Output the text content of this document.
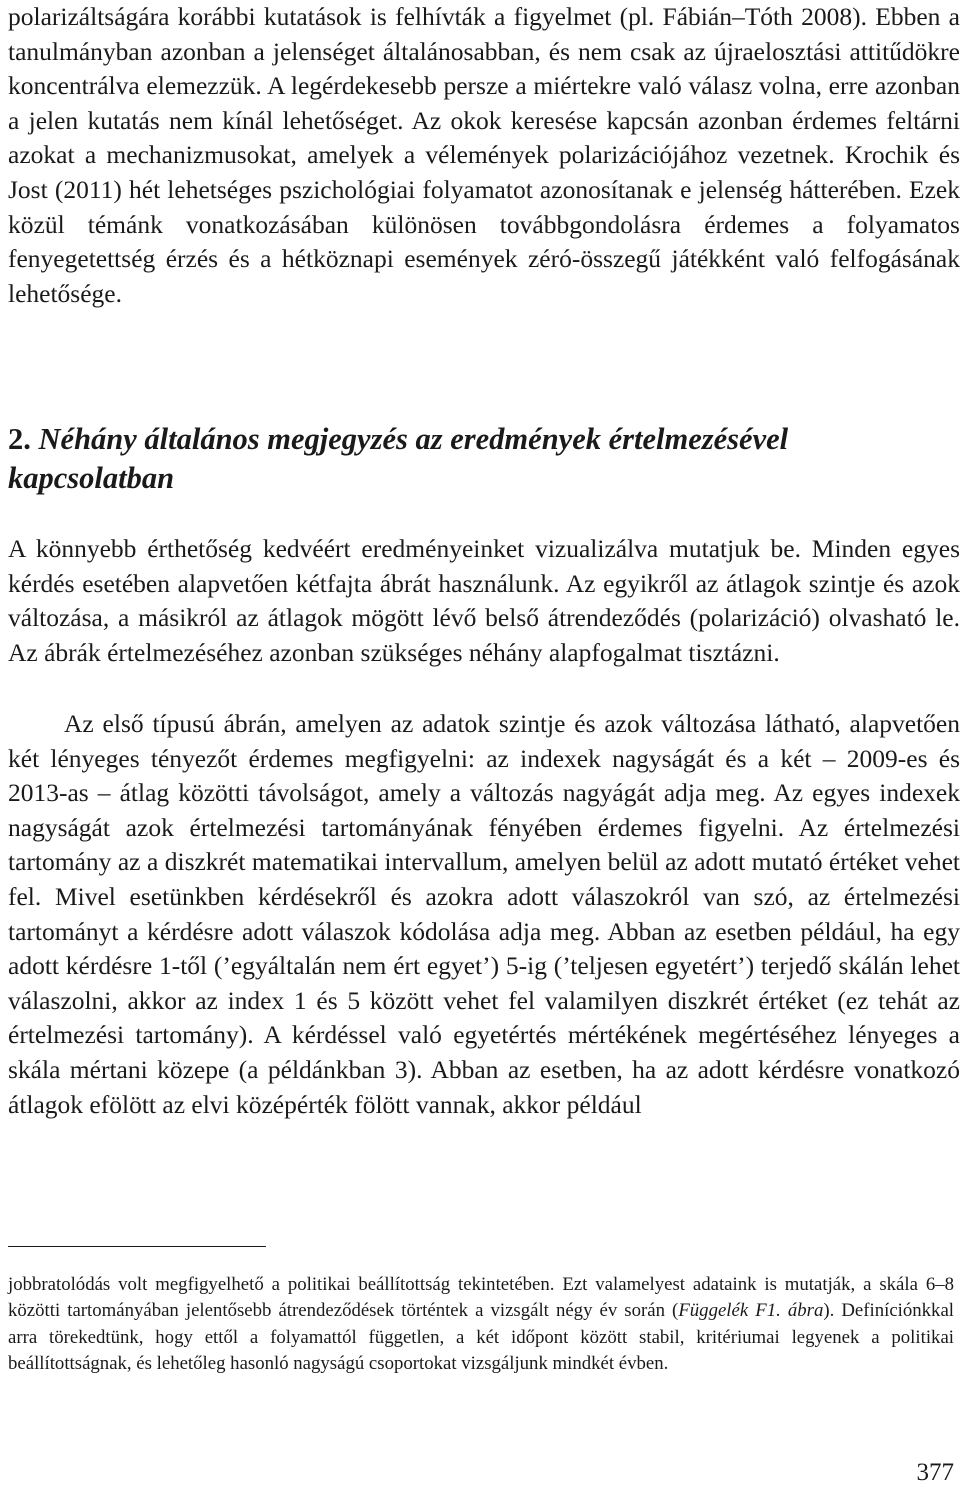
polarizáltságára korábbi kutatások is felhívták a figyelmet (pl. Fábián–Tóth 2008). Ebben a tanulmányban azonban a jelenséget általánosabban, és nem csak az újraelosztási attitűdökre koncentrálva elemezzük. A legérdekesebb persze a miértekre való válasz volna, erre azonban a jelen kutatás nem kínál lehetőséget. Az okok keresése kapcsán azonban érdemes feltárni azokat a mechanizmusokat, amelyek a vélemények polarizációjához vezetnek. Krochik és Jost (2011) hét lehetséges pszichológiai folyamatot azonosítanak e jelenség hátterében. Ezek közül témánk vonatkozásában különösen továbbgondolásra érdemes a folyamatos fenyegetettség érzés és a hétköznapi események zéró-összegű játékként való felfogásának lehetősége.

2. Néhány általános megjegyzés az eredmények értelmezésével kapcsolatban

A könnyebb érthetőség kedvéért eredményeinket vizualizálva mutatjuk be. Minden egyes kérdés esetében alapvetően kétfajta ábrát használunk. Az egyikről az átlagok szintje és azok változása, a másikról az átlagok mögött lévő belső átrendeződés (polarizáció) olvasható le. Az ábrák értelmezéséhez azonban szükséges néhány alapfogalmat tisztázni.

Az első típusú ábrán, amelyen az adatok szintje és azok változása látható, alapvetően két lényeges tényezőt érdemes megfigyelni: az indexek nagyságát és a két – 2009-es és 2013-as – átlag közötti távolságot, amely a változás nagyágát adja meg. Az egyes indexek nagyságát azok értelmezési tartományának fényében érdemes figyelni. Az értelmezési tartomány az a diszkrét matematikai intervallum, amelyen belül az adott mutató értéket vehet fel. Mivel esetünkben kérdésekről és azokra adott válaszokról van szó, az értelmezési tartományt a kérdésre adott válaszok kódolása adja meg. Abban az esetben például, ha egy adott kérdésre 1-től (’egyáltalán nem ért egyet’) 5-ig (’teljesen egyetért’) terjedő skálán lehet válaszolni, akkor az index 1 és 5 között vehet fel valamilyen diszkrét értéket (ez tehát az értelmezési tartomány). A kérdéssel való egyetértés mértékének megértéséhez lényeges a skála mértani közepe (a példánkban 3). Abban az esetben, ha az adott kérdésre vonatkozó átlagok efölött az elvi középérték fölött vannak, akkor például

jobbratolódás volt megfigyelhető a politikai beállítottság tekintetében. Ezt valamelyest adataink is mutatják, a skála 6–8 közötti tartományában jelentősebb átrendeződések történtek a vizsgált négy év során (Függelék F1. ábra). Definíciónkkal arra törekedtünk, hogy ettől a folyamattól független, a két időpont között stabil, kritériumai legyenek a politikai beállítottságnak, és lehetőleg hasonló nagyságú csoportokat vizsgáljunk mindkét évben.

377
